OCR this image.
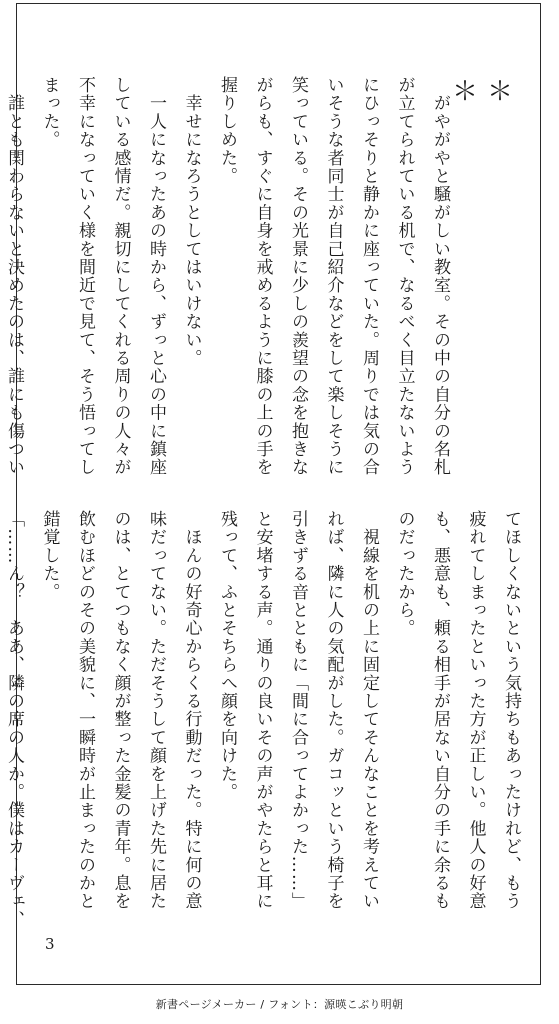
＊
＊

　がやがやと騒がしい教室。その中の自分の名札
が立てられている机で、なるべく目立たないよう
にひっそりと静かに座っていた。周りでは気の合
いそうな者同士が自己紹介などをして楽しそうに
笑っている。その光景に少しの羨望の念を抱きな
がらも、すぐに自身を戒めるように膝の上の手を
握りしめた。
　幸せになろうとしてはいけない。
　一人になったあの時から、ずっと心の中に鎮座
している感情だ。親切にしてくれる周りの人々が
不幸になっていく様を間近で見て、そう悟ってし
まった。
　誰とも関わらないと決めたのは、誰にも傷つい
てほしくないという気持ちもあったけれど、もう
疲れてしまったといった方が正しい。他人の好意
も、悪意も、頼る相手が居ない自分の手に余るも
のだったから。
　視線を机の上に固定してそんなことを考えてい
れば、隣に人の気配がした。ガコッという椅子を
引きずる音とともに「間に合ってよかった……」
と安堵する声。通りの良いその声がやたらと耳に
残って、ふとそちらへ顔を向けた。
　ほんの好奇心からくる行動だった。特に何の意
味だってない。ただそうして顔を上げた先に居た
のは、とてつもなく顔が整った金髪の青年。息を
飲むほどのその美貌に、一瞬時が止まったのかと
錯覚した。
「……ん？　ああ、隣の席の人か。僕はカーヴェ、
3
新書ページメーカー / フォント：源暎こぶり明朝
